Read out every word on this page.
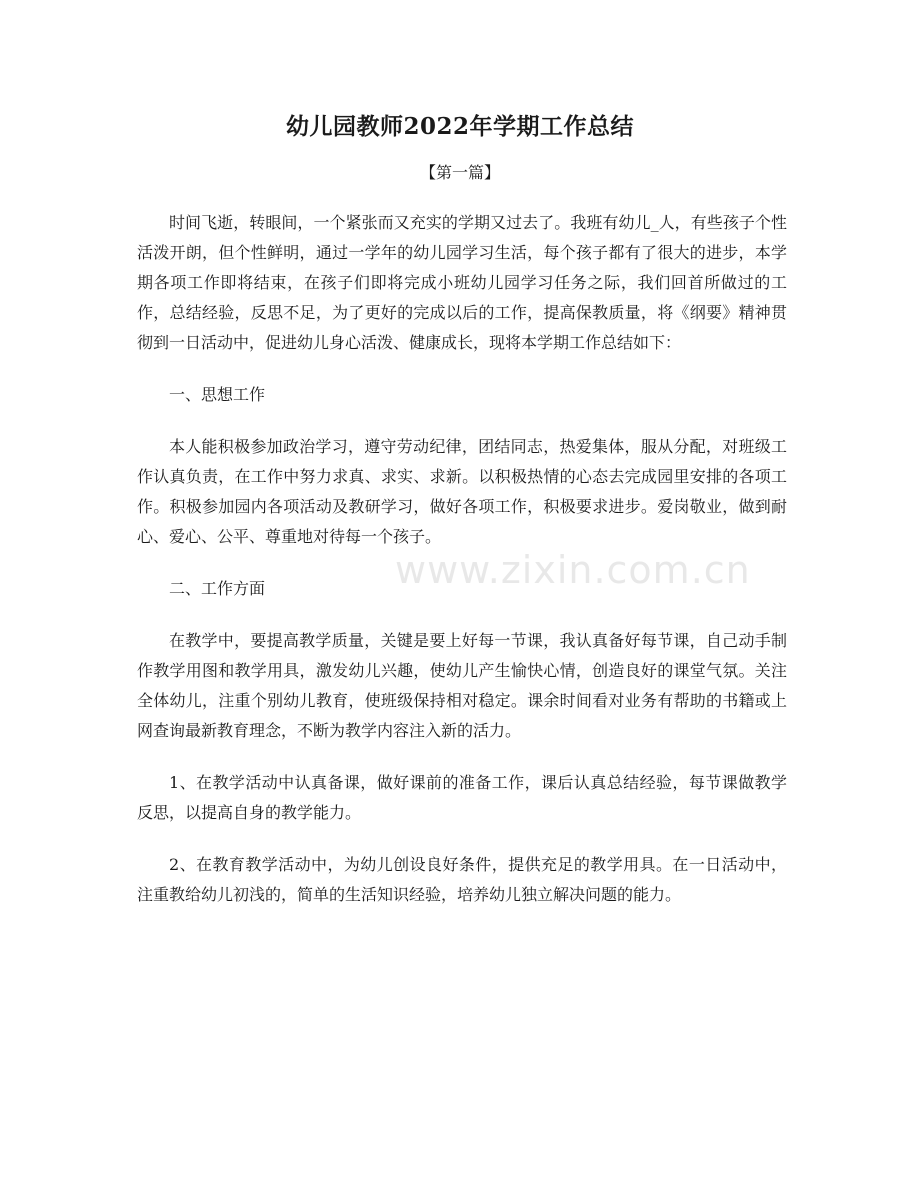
幼儿园教师2022年学期工作总结
【第一篇】

时间飞逝，转眼间，一个紧张而又充实的学期又过去了。我班有幼儿_人，有些孩子个性活泼开朗，但个性鲜明，通过一学年的幼儿园学习生活，每个孩子都有了很大的进步，本学期各项工作即将结束，在孩子们即将完成小班幼儿园学习任务之际，我们回首所做过的工作，总结经验，反思不足，为了更好的完成以后的工作，提高保教质量，将《纲要》精神贯彻到一日活动中，促进幼儿身心活泼、健康成长，现将本学期工作总结如下：

一、思想工作

本人能积极参加政治学习，遵守劳动纪律，团结同志，热爱集体，服从分配，对班级工作认真负责，在工作中努力求真、求实、求新。以积极热情的心态去完成园里安排的各项工作。积极参加园内各项活动及教研学习，做好各项工作，积极要求进步。爱岗敬业，做到耐心、爱心、公平、尊重地对待每一个孩子。

二、工作方面

在教学中，要提高教学质量，关键是要上好每一节课，我认真备好每节课，自己动手制作教学用图和教学用具，激发幼儿兴趣，使幼儿产生愉快心情，创造良好的课堂气氛。关注全体幼儿，注重个别幼儿教育，使班级保持相对稳定。课余时间看对业务有帮助的书籍或上网查询最新教育理念，不断为教学内容注入新的活力。

1、在教学活动中认真备课，做好课前的准备工作，课后认真总结经验，每节课做教学反思，以提高自身的教学能力。

2、在教育教学活动中，为幼儿创设良好条件，提供充足的教学用具。在一日活动中，注重教给幼儿初浅的，简单的生活知识经验，培养幼儿独立解决问题的能力。

www.zixin.com.cn
